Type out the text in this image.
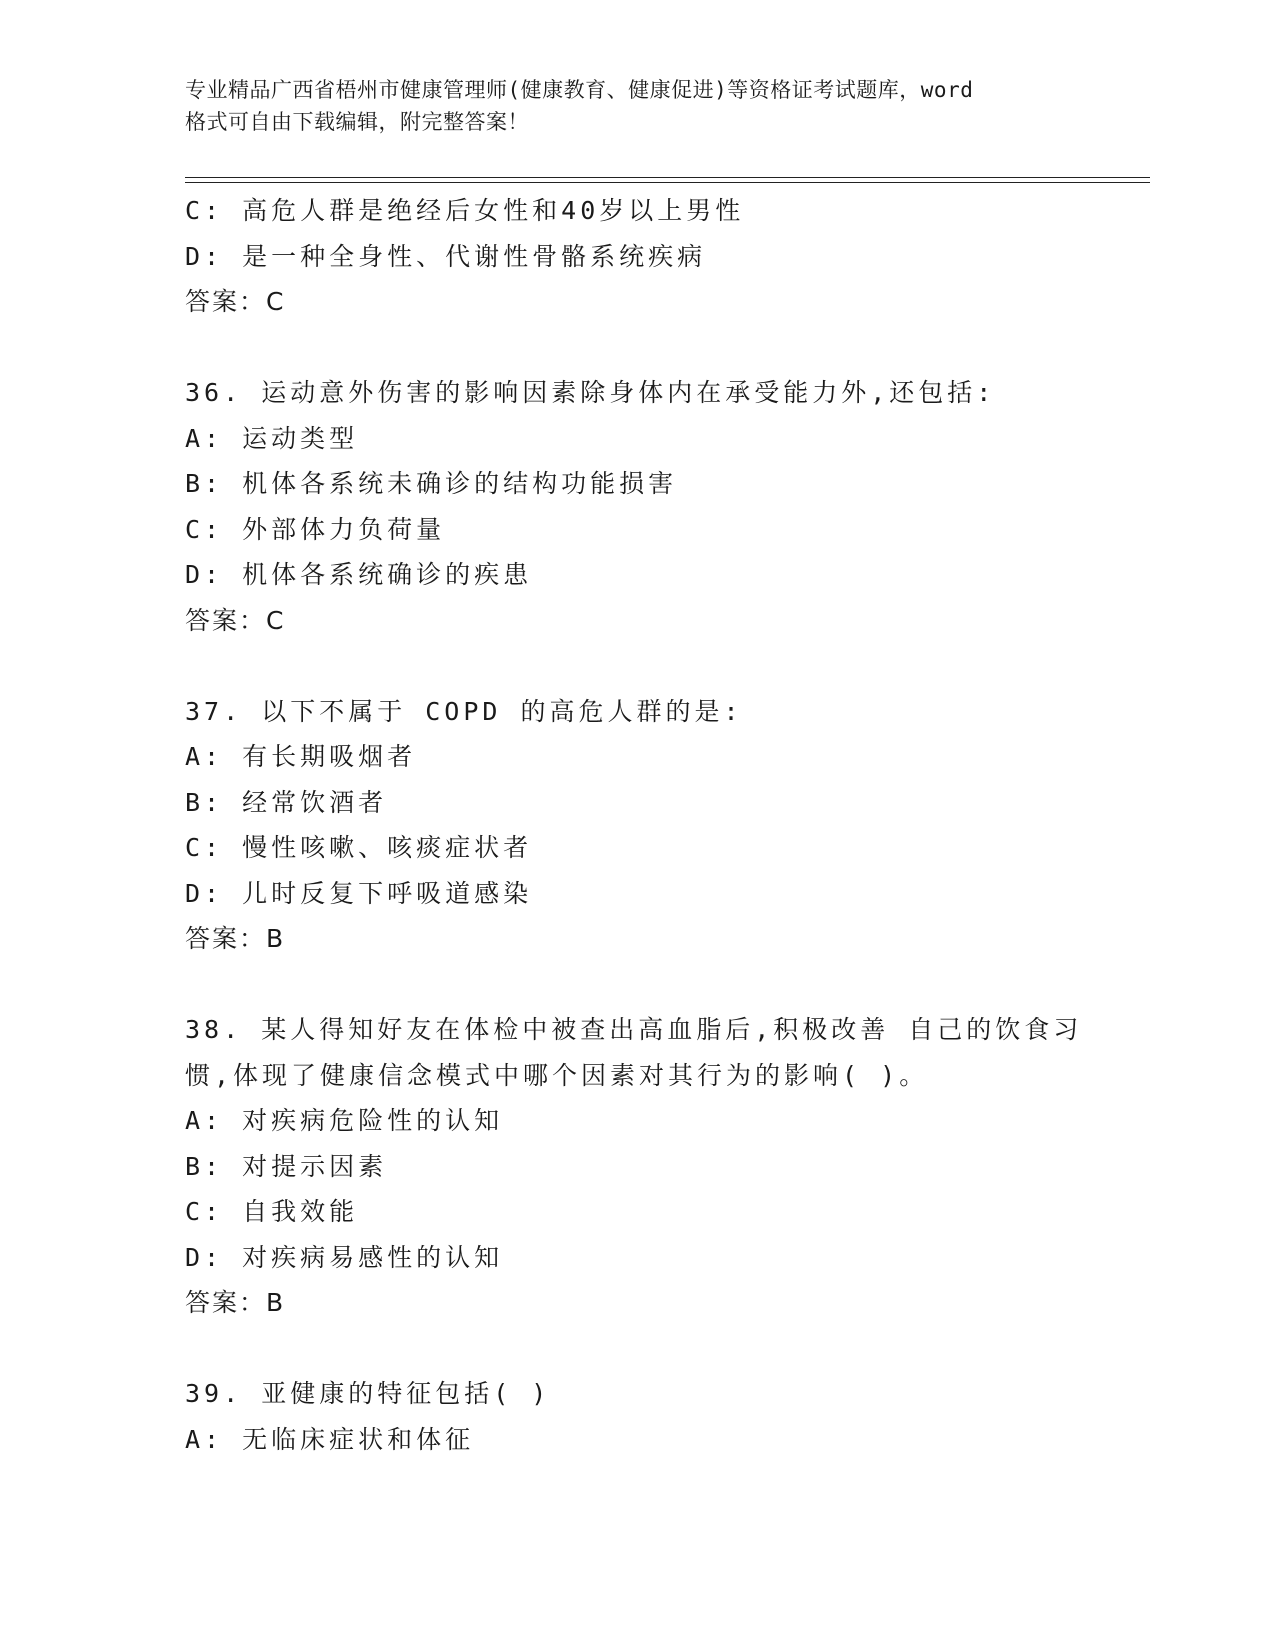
专业精品广西省梧州市健康管理师(健康教育、健康促进)等资格证考试题库，word
格式可自由下载编辑，附完整答案！
C: 高危人群是绝经后女性和40岁以上男性
D: 是一种全身性、代谢性骨骼系统疾病
答案：C
36. 运动意外伤害的影响因素除身体内在承受能力外,还包括:
A: 运动类型
B: 机体各系统未确诊的结构功能损害
C: 外部体力负荷量
D: 机体各系统确诊的疾患
答案：C
37. 以下不属于 COPD 的高危人群的是:
A: 有长期吸烟者
B: 经常饮酒者
C: 慢性咳嗽、咳痰症状者
D: 儿时反复下呼吸道感染
答案：B
38. 某人得知好友在体检中被查出高血脂后,积极改善 自己的饮食习
惯,体现了健康信念模式中哪个因素对其行为的影响( )。
A: 对疾病危险性的认知
B: 对提示因素
C: 自我效能
D: 对疾病易感性的认知
答案：B
39. 亚健康的特征包括( )
A: 无临床症状和体征
